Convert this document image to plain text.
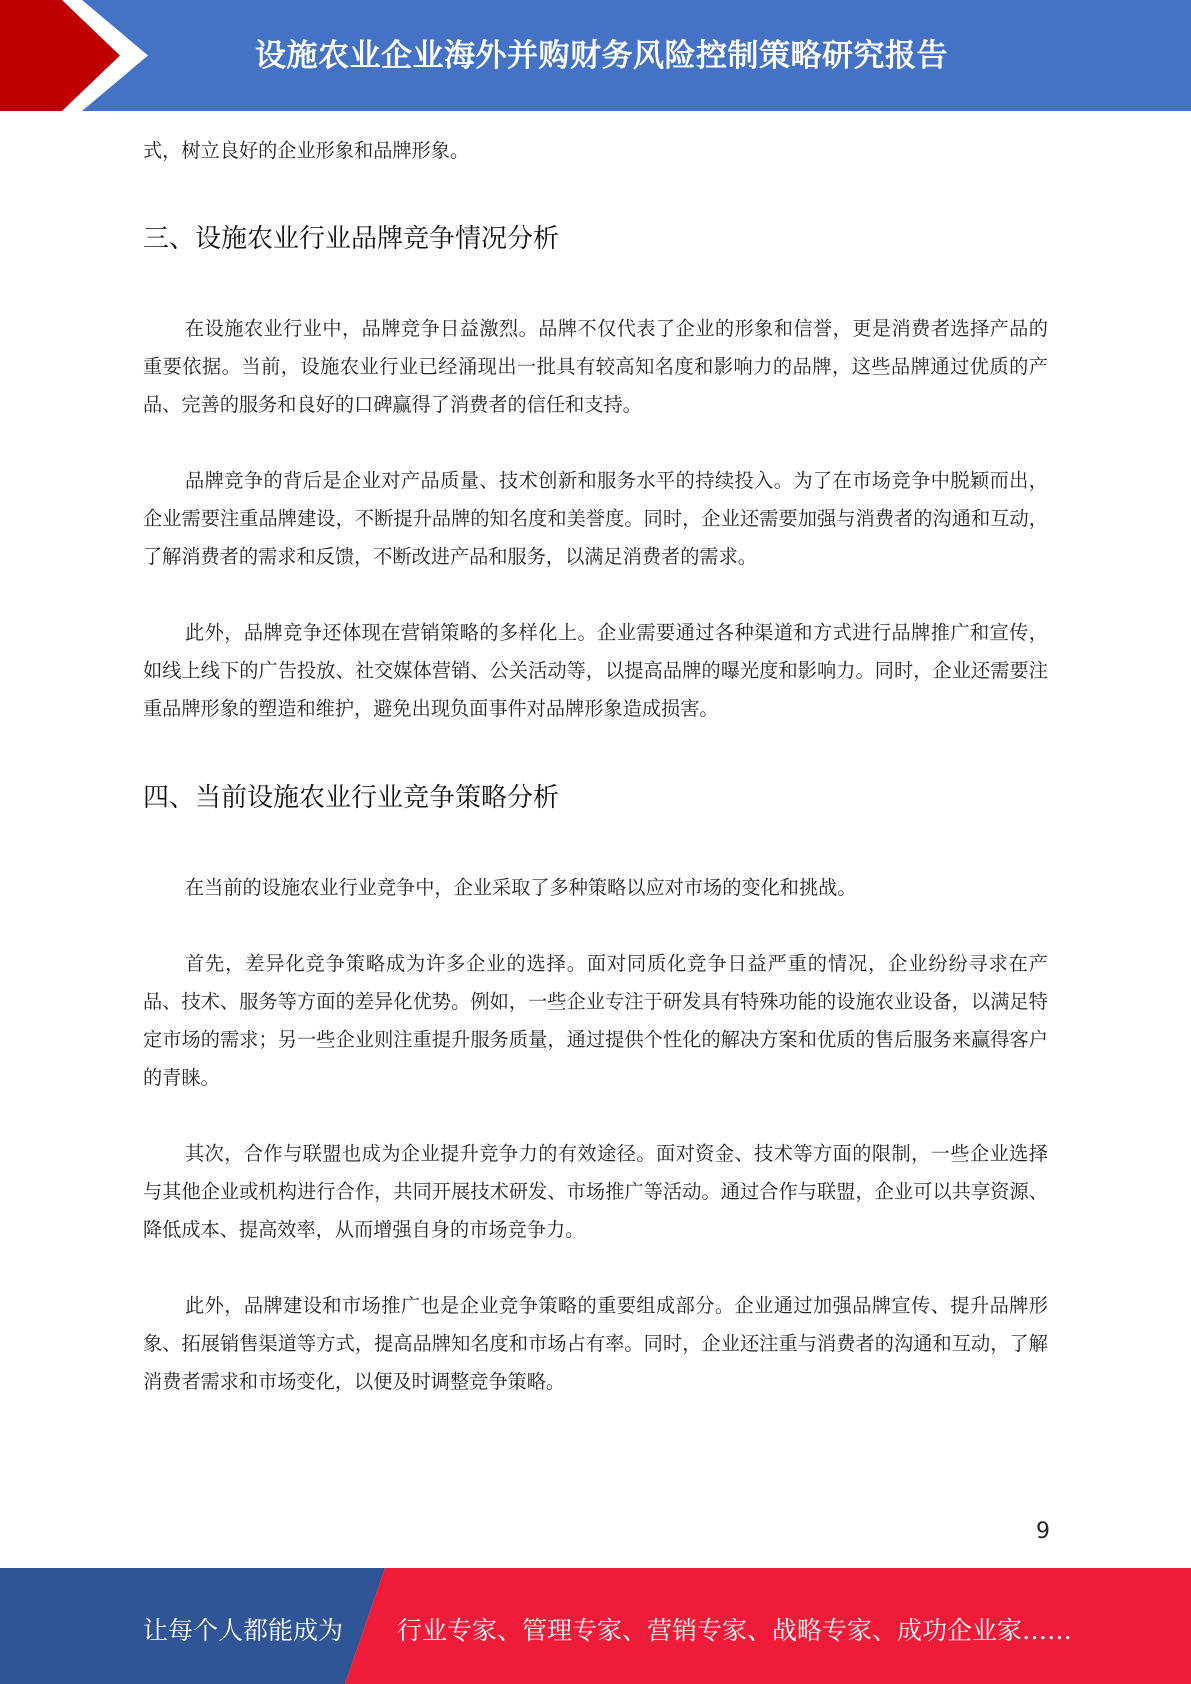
设施农业企业海外并购财务风险控制策略研究报告

式，树立良好的企业形象和品牌形象。

三、设施农业行业品牌竞争情况分析

在设施农业行业中，品牌竞争日益激烈。品牌不仅代表了企业的形象和信誉，更是消费者选择产品的重要依据。当前，设施农业行业已经涌现出一批具有较高知名度和影响力的品牌，这些品牌通过优质的产品、完善的服务和良好的口碑赢得了消费者的信任和支持。

品牌竞争的背后是企业对产品质量、技术创新和服务水平的持续投入。为了在市场竞争中脱颖而出，企业需要注重品牌建设，不断提升品牌的知名度和美誉度。同时，企业还需要加强与消费者的沟通和互动，了解消费者的需求和反馈，不断改进产品和服务，以满足消费者的需求。

此外，品牌竞争还体现在营销策略的多样化上。企业需要通过各种渠道和方式进行品牌推广和宣传，如线上线下的广告投放、社交媒体营销、公关活动等，以提高品牌的曝光度和影响力。同时，企业还需要注重品牌形象的塑造和维护，避免出现负面事件对品牌形象造成损害。

四、当前设施农业行业竞争策略分析

在当前的设施农业行业竞争中，企业采取了多种策略以应对市场的变化和挑战。

首先，差异化竞争策略成为许多企业的选择。面对同质化竞争日益严重的情况，企业纷纷寻求在产品、技术、服务等方面的差异化优势。例如，一些企业专注于研发具有特殊功能的设施农业设备，以满足特定市场的需求；另一些企业则注重提升服务质量，通过提供个性化的解决方案和优质的售后服务来赢得客户的青睐。

其次，合作与联盟也成为企业提升竞争力的有效途径。面对资金、技术等方面的限制，一些企业选择与其他企业或机构进行合作，共同开展技术研发、市场推广等活动。通过合作与联盟，企业可以共享资源、降低成本、提高效率，从而增强自身的市场竞争力。

此外，品牌建设和市场推广也是企业竞争策略的重要组成部分。企业通过加强品牌宣传、提升品牌形象、拓展销售渠道等方式，提高品牌知名度和市场占有率。同时，企业还注重与消费者的沟通和互动，了解消费者需求和市场变化，以便及时调整竞争策略。

9
让每个人都能成为 行业专家、管理专家、营销专家、战略专家、成功企业家……
